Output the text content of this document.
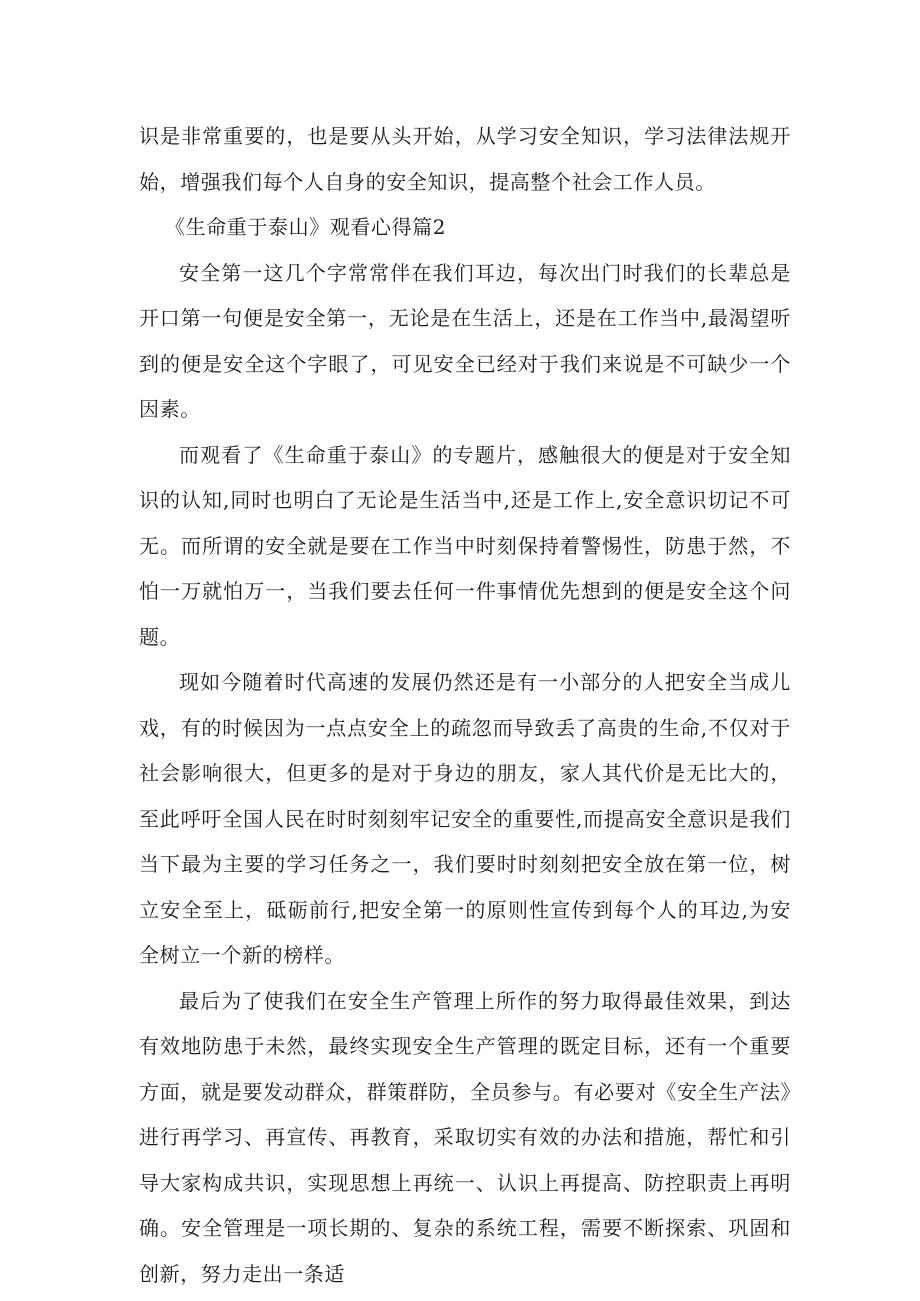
识是非常重要的，也是要从头开始，从学习安全知识，学习法律法规开始，增强我们每个人自身的安全知识，提高整个社会工作人员。

《生命重于泰山》观看心得篇2

安全第一这几个字常常伴在我们耳边，每次出门时我们的长辈总是开口第一句便是安全第一，无论是在生活上，还是在工作当中,最渴望听到的便是安全这个字眼了，可见安全已经对于我们来说是不可缺少一个因素。

而观看了《生命重于泰山》的专题片，感触很大的便是对于安全知识的认知,同时也明白了无论是生活当中,还是工作上,安全意识切记不可无。而所谓的安全就是要在工作当中时刻保持着警惕性，防患于然，不怕一万就怕万一，当我们要去任何一件事情优先想到的便是安全这个问题。

现如今随着时代高速的发展仍然还是有一小部分的人把安全当成儿戏，有的时候因为一点点安全上的疏忽而导致丢了高贵的生命,不仅对于社会影响很大，但更多的是对于身边的朋友，家人其代价是无比大的，至此呼吁全国人民在时时刻刻牢记安全的重要性,而提高安全意识是我们当下最为主要的学习任务之一，我们要时时刻刻把安全放在第一位，树立安全至上，砥砺前行,把安全第一的原则性宣传到每个人的耳边,为安全树立一个新的榜样。

最后为了使我们在安全生产管理上所作的努力取得最佳效果，到达有效地防患于未然，最终实现安全生产管理的既定目标，还有一个重要方面，就是要发动群众，群策群防，全员参与。有必要对《安全生产法》进行再学习、再宣传、再教育，采取切实有效的办法和措施，帮忙和引导大家构成共识，实现思想上再统一、认识上再提高、防控职责上再明确。安全管理是一项长期的、复杂的系统工程，需要不断探索、巩固和创新，努力走出一条适
